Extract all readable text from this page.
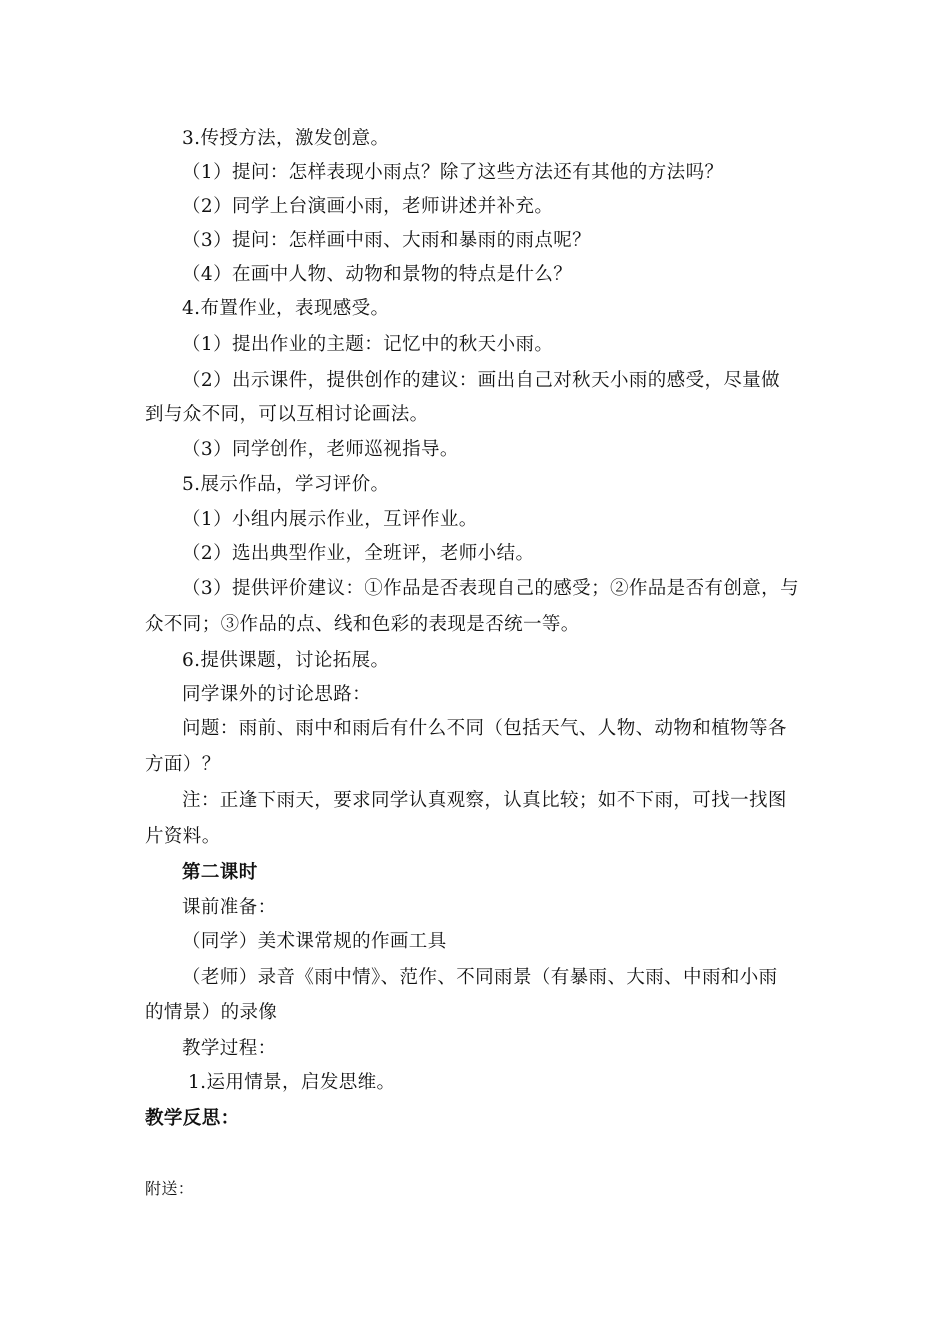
3.传授方法，激发创意。
（1）提问：怎样表现小雨点？除了这些方法还有其他的方法吗？
（2）同学上台演画小雨，老师讲述并补充。
（3）提问：怎样画中雨、大雨和暴雨的雨点呢？
（4）在画中人物、动物和景物的特点是什么？
4.布置作业，表现感受。
（1）提出作业的主题：记忆中的秋天小雨。
（2）出示课件，提供创作的建议：画出自己对秋天小雨的感受，尽量做
到与众不同，可以互相讨论画法。
（3）同学创作，老师巡视指导。
5.展示作品，学习评价。
（1）小组内展示作业，互评作业。
（2）选出典型作业，全班评，老师小结。
（3）提供评价建议：①作品是否表现自己的感受；②作品是否有创意，与
众不同；③作品的点、线和色彩的表现是否统一等。
6.提供课题，讨论拓展。
同学课外的讨论思路：
问题：雨前、雨中和雨后有什么不同（包括天气、人物、动物和植物等各
方面）？
注：正逢下雨天，要求同学认真观察，认真比较；如不下雨，可找一找图
片资料。
第二课时
课前准备：
（同学）美术课常规的作画工具
（老师）录音《雨中情》、范作、不同雨景（有暴雨、大雨、中雨和小雨
的情景）的录像
教学过程：
1.运用情景，启发思维。
教学反思：
附送：
